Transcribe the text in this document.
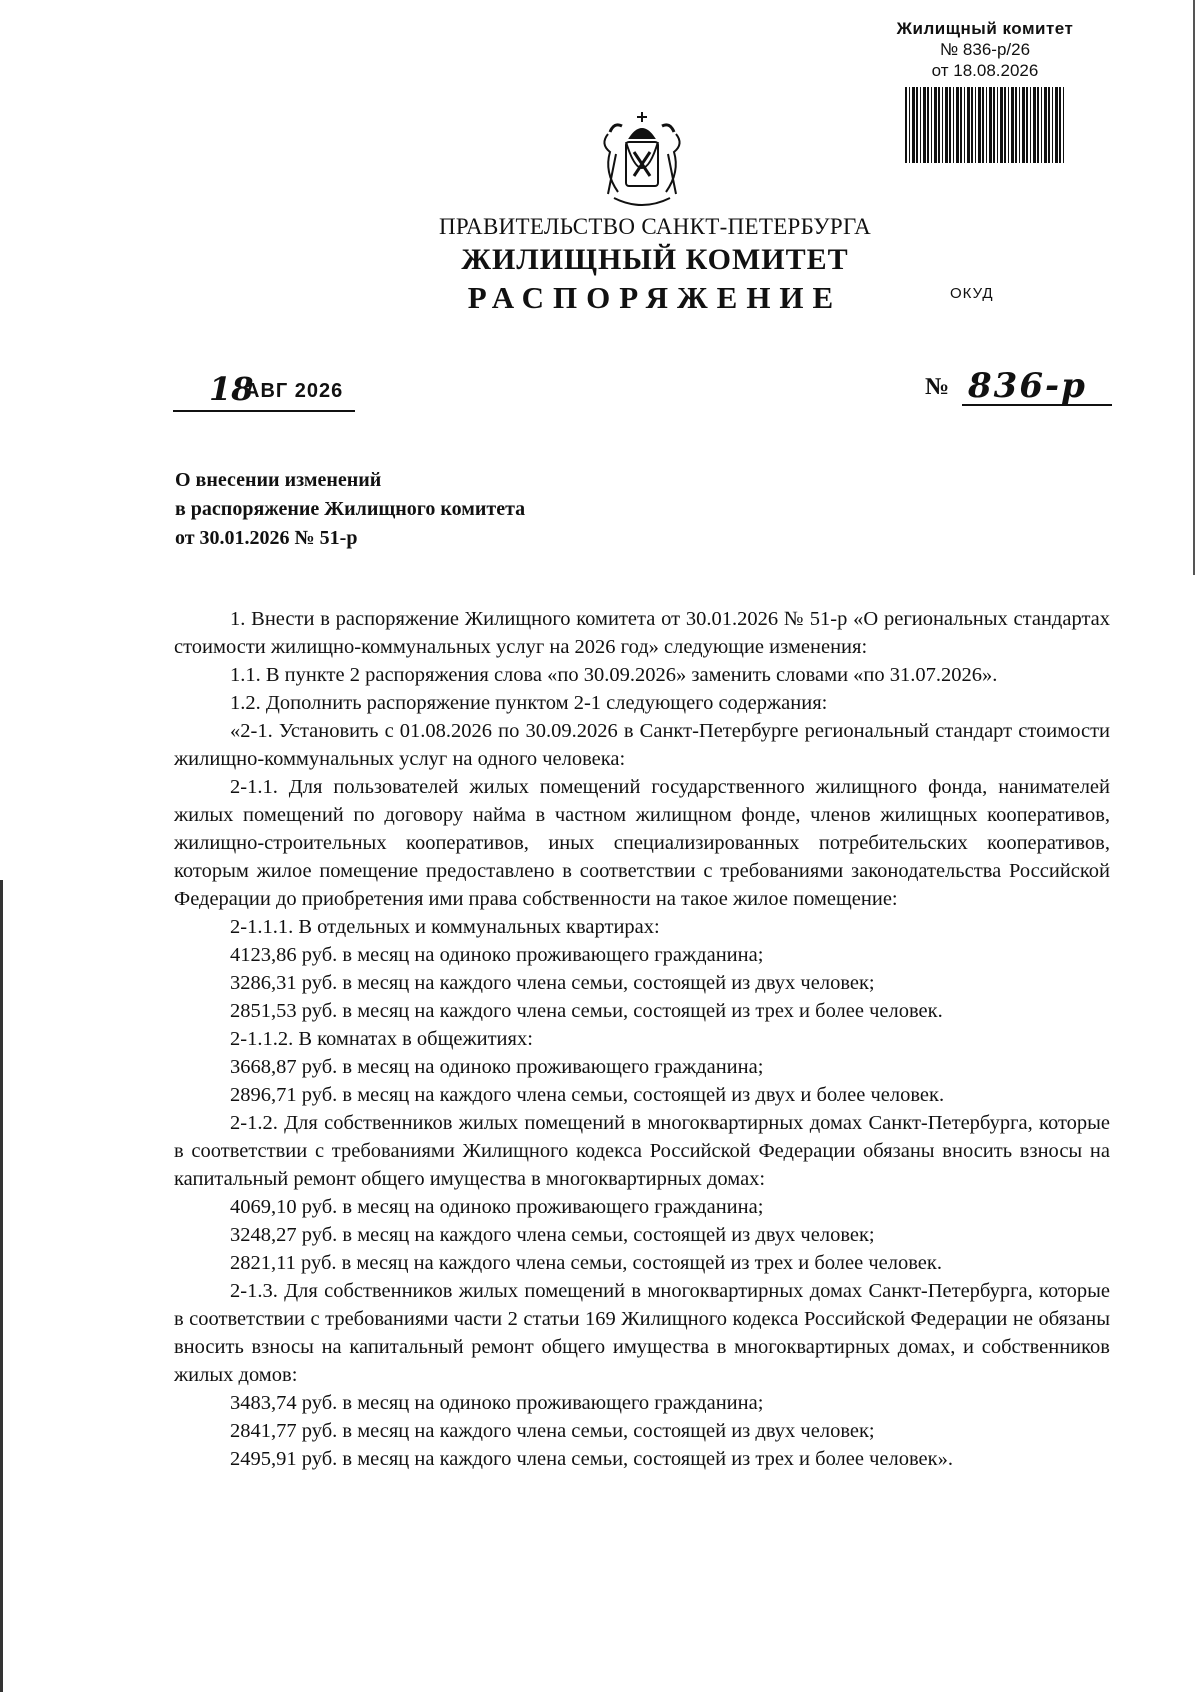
Жилищный комитет
№ 836-р/26
от 18.08.2026
ПРАВИТЕЛЬСТВО САНКТ-ПЕТЕРБУРГА
ЖИЛИЩНЫЙ КОМИТЕТ
РАСПОРЯЖЕНИЕ	ОКУД
18
АВГ 2026	№ 836-р
О внесении изменений
в распоряжение Жилищного комитета
от 30.01.2026 № 51-р

1. Внести в распоряжение Жилищного комитета от 30.01.2026 № 51-р «О региональных стандартах стоимости жилищно-коммунальных услуг на 2026 год» следующие изменения:

1.1. В пункте 2 распоряжения слова «по 30.09.2026» заменить словами «по 31.07.2026».

1.2. Дополнить распоряжение пунктом 2-1 следующего содержания:

«2-1. Установить с 01.08.2026 по 30.09.2026 в Санкт-Петербурге региональный стандарт стоимости жилищно-коммунальных услуг на одного человека:

2-1.1. Для пользователей жилых помещений государственного жилищного фонда, нанимателей жилых помещений по договору найма в частном жилищном фонде, членов жилищных кооперативов, жилищно-строительных кооперативов, иных специализированных потребительских кооперативов, которым жилое помещение предоставлено в соответствии с требованиями законодательства Российской Федерации до приобретения ими права собственности на такое жилое помещение:

2-1.1.1. В отдельных и коммунальных квартирах:

4123,86 руб. в месяц на одиноко проживающего гражданина;

3286,31 руб. в месяц на каждого члена семьи, состоящей из двух человек;

2851,53 руб. в месяц на каждого члена семьи, состоящей из трех и более человек.

2-1.1.2. В комнатах в общежитиях:

3668,87 руб. в месяц на одиноко проживающего гражданина;

2896,71 руб. в месяц на каждого члена семьи, состоящей из двух и более человек.

2-1.2. Для собственников жилых помещений в многоквартирных домах Санкт-Петербурга, которые в соответствии с требованиями Жилищного кодекса Российской Федерации обязаны вносить взносы на капитальный ремонт общего имущества в многоквартирных домах:

4069,10 руб. в месяц на одиноко проживающего гражданина;

3248,27 руб. в месяц на каждого члена семьи, состоящей из двух человек;

2821,11 руб. в месяц на каждого члена семьи, состоящей из трех и более человек.

2-1.3. Для собственников жилых помещений в многоквартирных домах Санкт-Петербурга, которые в соответствии с требованиями части 2 статьи 169 Жилищного кодекса Российской Федерации не обязаны вносить взносы на капитальный ремонт общего имущества в многоквартирных домах, и собственников жилых домов:

3483,74 руб. в месяц на одиноко проживающего гражданина;

2841,77 руб. в месяц на каждого члена семьи, состоящей из двух человек;

2495,91 руб. в месяц на каждого члена семьи, состоящей из трех и более человек».
